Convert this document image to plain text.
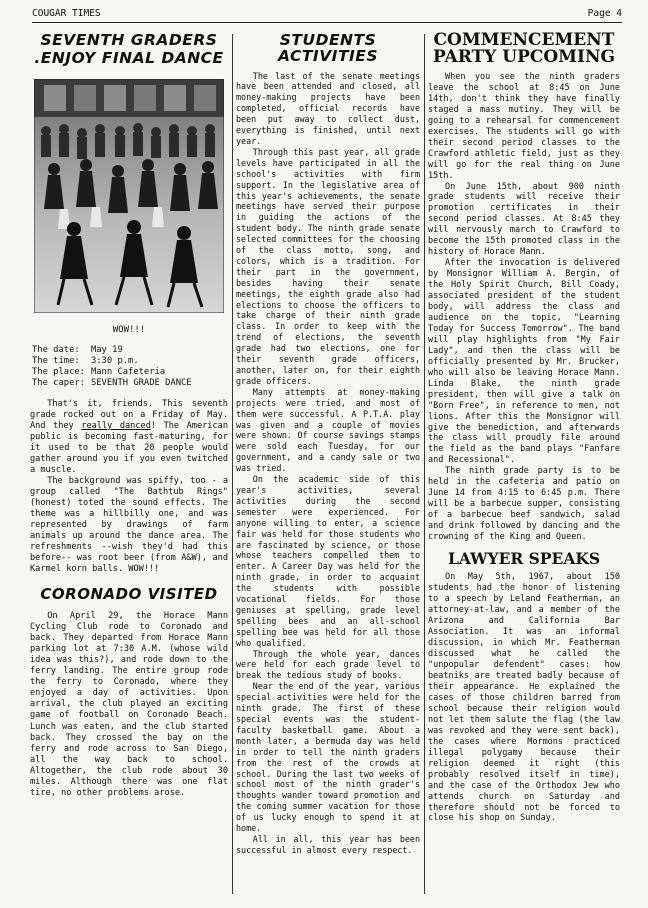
COUGAR TIMES	Page 4
SEVENTH GRADERS
.ENJOY FINAL DANCE
WOW!!!
The date:	May 19
The time:	3:30 p.m.
The place:	Mann Cafeteria
The caper:	SEVENTH GRADE DANCE

That's it, friends. This seventh grade rocked out on a Friday of May. And they really danced! The American public is becoming fast-maturing, for it used to be that 20 people would gather around you if you even twitched a muscle.

The background was spiffy, too - a group called "The Bathtub Rings" (honest) toted the sound effects. The theme was a hillbilly one, and was represented by drawings of farm animals up around the dance area. The refreshments --wish they'd had this before-- was root beer (from A&W), and Karmel korn balls. WOW!!!

CORONADO VISITED

On April 29, the Horace Mann Cycling Club rode to Coronado and back. They departed from Horace Mann parking lot at 7:30 A.M. (whose wild idea was this?), and rode down to the ferry landing. The entire group rode the ferry to Coronado, where they enjoyed a day of activities. Upon arrival, the club played an exciting game of football on Coronado Beach. Lunch was eaten, and the club started back. They crossed the bay on the ferry and rode across to San Diego, all the way back to school. Altogether, the club rode about 30 miles. Although there was one flat tire, no other problems arose.

STUDENTS ACTIVITIES

The last of the senate meetings have been attended and closed, all money-making projects have been completed, official records have been put away to collect dust, everything is finished, until next year.

Through this past year, all grade levels have participated in all the school's activities with firm support. In the legislative area of this year's achievements, the senate meetings have served their purpose in guiding the actions of the student body. The ninth grade senate selected committees for the choosing of the class motto, song, and colors, which is a tradition. For their part in the government, besides having their senate meetings, the eighth grade also had elections to choose the officers to take charge of their ninth grade class. In order to keep with the trend of elections, the seventh grade had two elections, one for their seventh grade officers, another, later on, for their eighth grade officers.

Many attempts at money-making projects were tried, and most of them were successful. A P.T.A. play was given and a couple of movies were shown. Of course savings stamps were sold each Tuesday, for our government, and a candy sale or two was tried.

On the academic side of this year's activities, several activities during the second semester were experienced. For anyone willing to enter, a science fair was held for those students who are fascinated by science, or those whose teachers compelled them to enter. A Career Day was held for the ninth grade, in order to acquaint the students with possible vocational fields. For those geniuses at spelling, grade level spelling bees and an all-school spelling bee was held for all those who qualified.

Through the whole year, dances were held for each grade level to break the tedious study of books.

Near the end of the year, various special activities were held for the ninth grade. The first of these special events was the student-faculty basketball game. About a month later, a bermuda day was held in order to tell the ninth graders from the rest of the crowds at school. During the last two weeks of school most of the ninth grader's thoughts wander toward promotion and the coming summer vacation for those of us lucky enough to spend it at home.

All in all, this year has been successful in almost every respect.

COMMENCEMENT
PARTY UPCOMING

When you see the ninth graders leave the school at 8:45 on June 14th, don't think they have finally staged a mass mutiny. They will be going to a rehearsal for commencement exercises. The students will go with their second period classes to the Crawford athletic field, just as they will go for the real thing on June 15th.

On June 15th, about 900 ninth grade students will receive their promotion certificates in their second period classes. At 8:45 they will nervously march to Crawford to become the 15th promoted class in the history of Horace Mann.

After the invocation is delivered by Monsignor William A. Bergin, of the Holy Spirit Church, Bill Coady, associated president of the student body, will address the class and audience on the topic, "Learning Today for Success Tomorrow". The band will play highlights from "My Fair Lady", and then the class will be officially presented by Mr. Brucker, who will also be leaving Horace Mann. Linda Blake, the ninth grade president, then will give a talk on "Born Free", in reference to men, not lions. After this the Monsignor will give the benediction, and afterwards the class will proudly file around the field as the band plays "Fanfare and Recessional".

The ninth grade party is to be held in the cafeteria and patio on June 14 from 4:15 to 6:45 p.m. There will be a barbecue supper, consisting of a barbecue beef sandwich, salad and drink followed by dancing and the crowning of the King and Queen.

LAWYER SPEAKS

On May 5th, 1967, about 150 students had the honor of listening to a speech by Leland Featherman, an attorney-at-law, and a member of the Arizona and California Bar Association. It was an informal discussion, in which Mr. Featherman discussed what he called the "unpopular defendent" cases: how beatniks are treated badly because of their appearance. He explained the cases of those children barred from school because their religion would not let them salute the flag (the law was revoked and they were sent back), the cases where Mormons practiced illegal polygamy because their religion deemed it right (this probably resolved itself in time), and the case of the Orthodox Jew who attends church on Saturday and therefore should not be forced to close his shop on Sunday.
